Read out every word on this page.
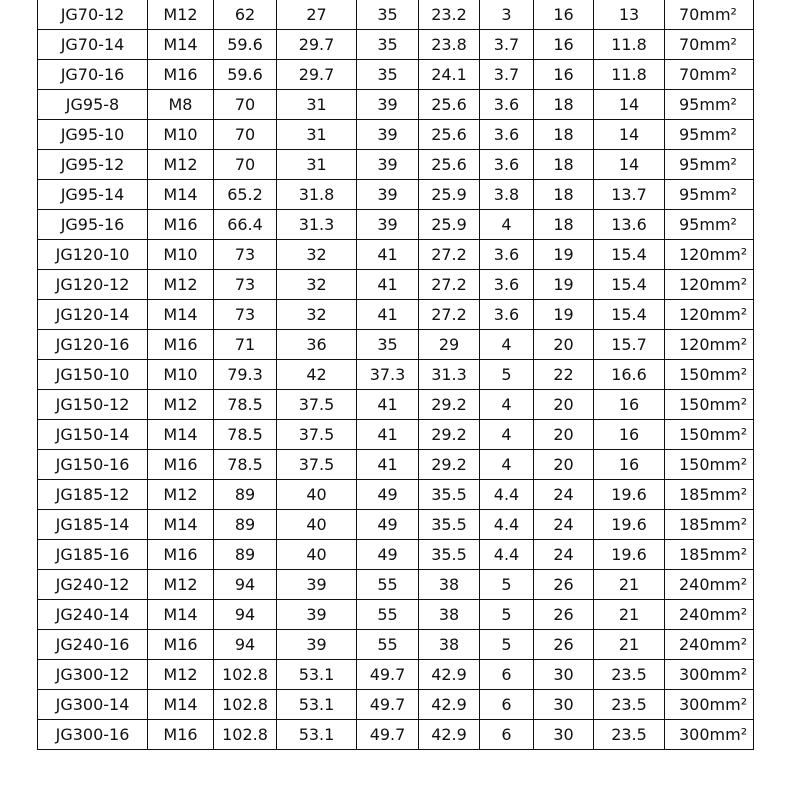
JG70-12	M12	62	27	35	23.2	3	16	13	70mm²
JG70-14	M14	59.6	29.7	35	23.8	3.7	16	11.8	70mm²
JG70-16	M16	59.6	29.7	35	24.1	3.7	16	11.8	70mm²
JG95-8	M8	70	31	39	25.6	3.6	18	14	95mm²
JG95-10	M10	70	31	39	25.6	3.6	18	14	95mm²
JG95-12	M12	70	31	39	25.6	3.6	18	14	95mm²
JG95-14	M14	65.2	31.8	39	25.9	3.8	18	13.7	95mm²
JG95-16	M16	66.4	31.3	39	25.9	4	18	13.6	95mm²
JG120-10	M10	73	32	41	27.2	3.6	19	15.4	120mm²
JG120-12	M12	73	32	41	27.2	3.6	19	15.4	120mm²
JG120-14	M14	73	32	41	27.2	3.6	19	15.4	120mm²
JG120-16	M16	71	36	35	29	4	20	15.7	120mm²
JG150-10	M10	79.3	42	37.3	31.3	5	22	16.6	150mm²
JG150-12	M12	78.5	37.5	41	29.2	4	20	16	150mm²
JG150-14	M14	78.5	37.5	41	29.2	4	20	16	150mm²
JG150-16	M16	78.5	37.5	41	29.2	4	20	16	150mm²
JG185-12	M12	89	40	49	35.5	4.4	24	19.6	185mm²
JG185-14	M14	89	40	49	35.5	4.4	24	19.6	185mm²
JG185-16	M16	89	40	49	35.5	4.4	24	19.6	185mm²
JG240-12	M12	94	39	55	38	5	26	21	240mm²
JG240-14	M14	94	39	55	38	5	26	21	240mm²
JG240-16	M16	94	39	55	38	5	26	21	240mm²
JG300-12	M12	102.8	53.1	49.7	42.9	6	30	23.5	300mm²
JG300-14	M14	102.8	53.1	49.7	42.9	6	30	23.5	300mm²
JG300-16	M16	102.8	53.1	49.7	42.9	6	30	23.5	300mm²
